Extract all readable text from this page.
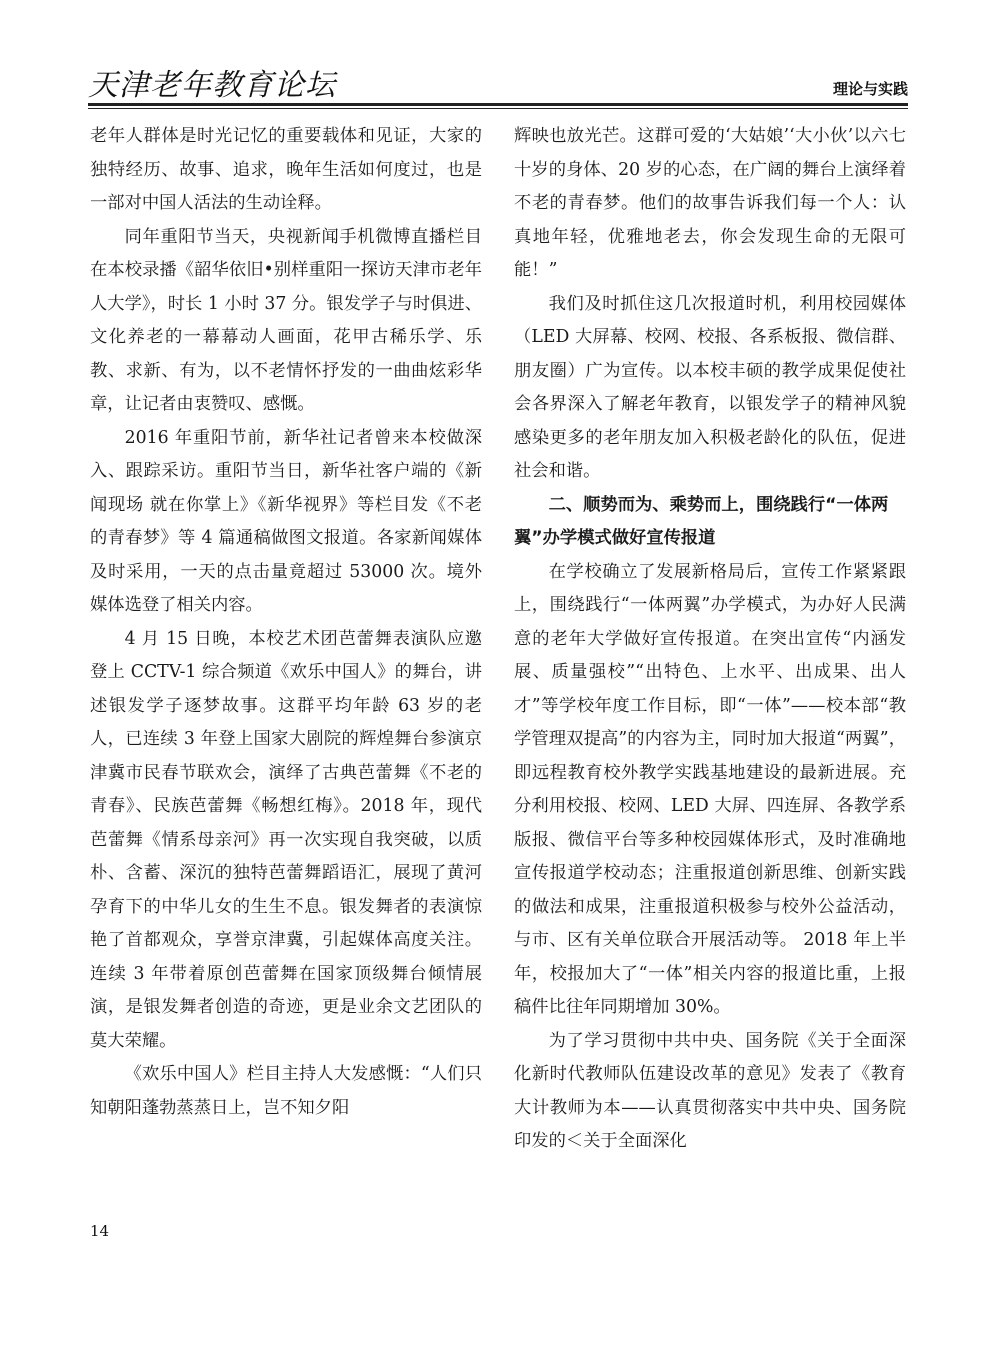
天津老年教育论坛	理论与实践

老年人群体是时光记忆的重要载体和见证，大家的独特经历、故事、追求，晚年生活如何度过，也是一部对中国人活法的生动诠释。

同年重阳节当天，央视新闻手机微博直播栏目在本校录播《韶华依旧•别样重阳一探访天津市老年人大学》，时长 1 小时 37 分。银发学子与时俱进、文化养老的一幕幕动人画面，花甲古稀乐学、乐教、求新、有为，以不老情怀抒发的一曲曲炫彩华章，让记者由衷赞叹、感慨。

2016 年重阳节前，新华社记者曾来本校做深入、跟踪采访。重阳节当日，新华社客户端的《新闻现场 就在你掌上》《新华视界》等栏目发《不老的青春梦》等 4 篇通稿做图文报道。各家新闻媒体及时采用，一天的点击量竟超过 53000 次。境外媒体选登了相关内容。

4 月 15 日晚，本校艺术团芭蕾舞表演队应邀登上 CCTV-1 综合频道《欢乐中国人》的舞台，讲述银发学子逐梦故事。这群平均年龄 63 岁的老人，已连续 3 年登上国家大剧院的辉煌舞台参演京津冀市民春节联欢会，演绎了古典芭蕾舞《不老的青春》、民族芭蕾舞《畅想红梅》。2018 年，现代芭蕾舞《情系母亲河》再一次实现自我突破，以质朴、含蓄、深沉的独特芭蕾舞蹈语汇，展现了黄河孕育下的中华儿女的生生不息。银发舞者的表演惊艳了首都观众，享誉京津冀，引起媒体高度关注。连续 3 年带着原创芭蕾舞在国家顶级舞台倾情展演，是银发舞者创造的奇迹，更是业余文艺团队的莫大荣耀。

《欢乐中国人》栏目主持人大发感慨：“人们只知朝阳蓬勃蒸蒸日上，岂不知夕阳

辉映也放光芒。这群可爱的‘大姑娘’‘大小伙’以六七十岁的身体、20 岁的心态，在广阔的舞台上演绎着不老的青春梦。他们的故事告诉我们每一个人：认真地年轻，优雅地老去，你会发现生命的无限可能！”

我们及时抓住这几次报道时机，利用校园媒体（LED 大屏幕、校网、校报、各系板报、微信群、朋友圈）广为宣传。以本校丰硕的教学成果促使社会各界深入了解老年教育，以银发学子的精神风貌感染更多的老年朋友加入积极老龄化的队伍，促进社会和谐。

二、顺势而为、乘势而上，围绕践行“一体两翼”办学模式做好宣传报道

在学校确立了发展新格局后，宣传工作紧紧跟上，围绕践行“一体两翼”办学模式，为办好人民满意的老年大学做好宣传报道。在突出宣传“内涵发展、质量强校”“出特色、上水平、出成果、出人才”等学校年度工作目标，即“一体”——校本部“教学管理双提高”的内容为主，同时加大报道“两翼”，即远程教育校外教学实践基地建设的最新进展。充分利用校报、校网、LED 大屏、四连屏、各教学系版报、微信平台等多种校园媒体形式，及时准确地宣传报道学校动态；注重报道创新思维、创新实践的做法和成果，注重报道积极参与校外公益活动，与市、区有关单位联合开展活动等。 2018 年上半年，校报加大了“一体”相关内容的报道比重，上报稿件比往年同期增加 30%。

为了学习贯彻中共中央、国务院《关于全面深化新时代教师队伍建设改革的意见》发表了《教育大计教师为本——认真贯彻落实中共中央、国务院印发的＜关于全面深化

14
